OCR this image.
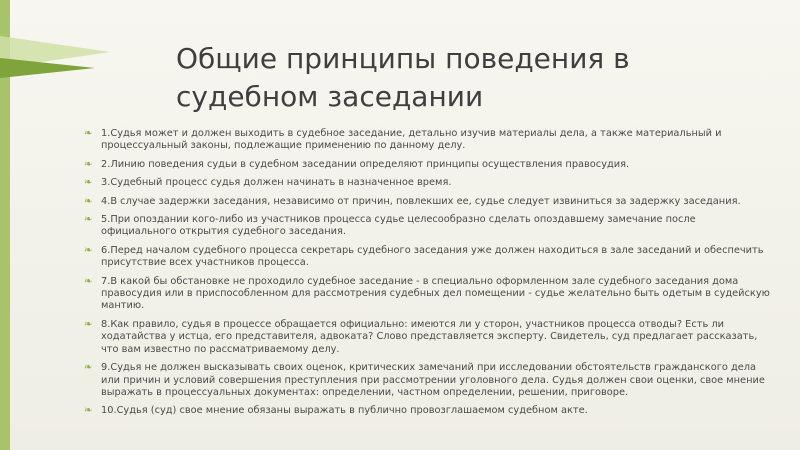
Общие принципы поведения в
судебном заседании
❧ 1.Судья может и должен выходить в судебное заседание, детально изучив материалы дела, а также материальный и процессуальный законы, подлежащие применению по данному делу.
❧ 2.Линию поведения судьи в судебном заседании определяют принципы осуществления правосудия.
❧ 3.Судебный процесс судья должен начинать в назначенное время.
❧ 4.В случае задержки заседания, независимо от причин, повлекших ее, судье следует извиниться за задержку заседания.
❧ 5.При опоздании кого-либо из участников процесса судье целесообразно сделать опоздавшему замечание после официального открытия судебного заседания.
❧ 6.Перед началом судебного процесса секретарь судебного заседания уже должен находиться в зале заседаний и обеспечить присутствие всех участников процесса.
❧ 7.В какой бы обстановке не проходило судебное заседание - в специально оформленном зале судебного заседания дома правосудия или в приспособленном для рассмотрения судебных дел помещении - судье желательно быть одетым в судейскую мантию.
❧ 8.Как правило, судья в процессе обращается официально: имеются ли у сторон, участников процесса отводы? Есть ли ходатайства у истца, его представителя, адвоката? Слово представляется эксперту. Свидетель, суд предлагает рассказать, что вам известно по рассматриваемому делу.
❧ 9.Судья не должен высказывать своих оценок, критических замечаний при исследовании обстоятельств гражданского дела или причин и условий совершения преступления при рассмотрении уголовного дела. Судья должен свои оценки, свое мнение выражать в процессуальных документах: определении, частном определении, решении, приговоре.
❧ 10.Судья (суд) свое мнение обязаны выражать в публично провозглашаемом судебном акте.
